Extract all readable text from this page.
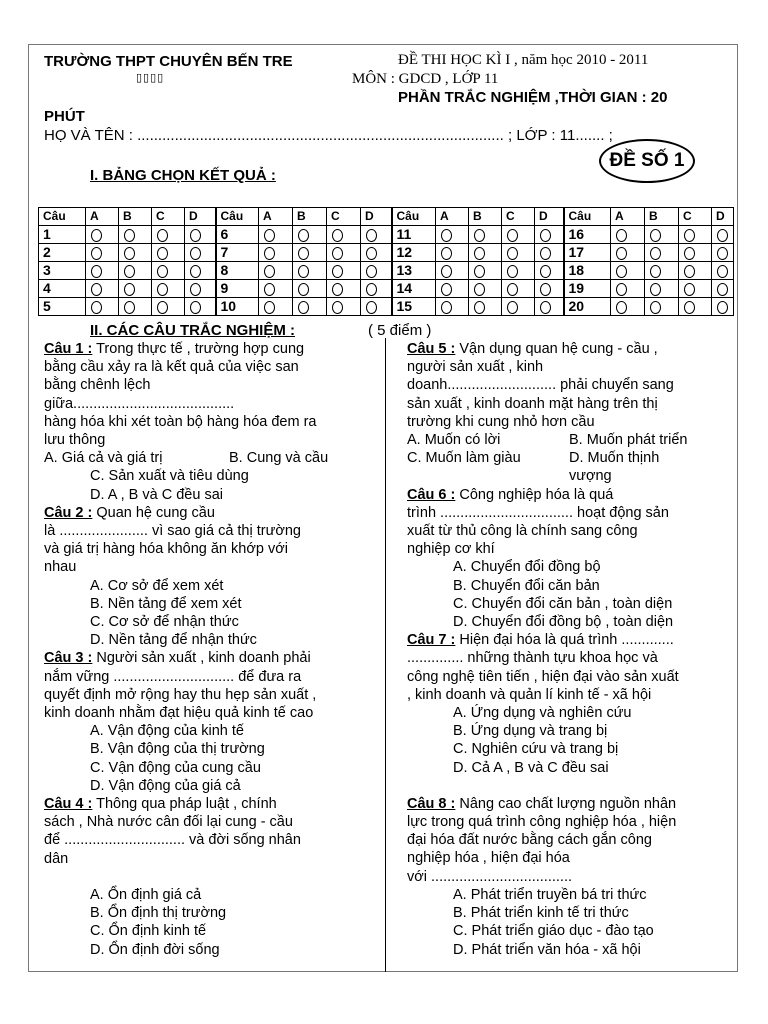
TRƯỜNG THPT CHUYÊN BẾN TRE
▯▯▯▯
ĐỀ THI HỌC KÌ I , năm học 2010 - 2011
MÔN : GDCD , LỚP 11
PHẦN TRẮC NGHIỆM ,THỜI GIAN : 20
PHÚT
HỌ VÀ TÊN : ........................................................................................ ; LỚP : 11....... ;
ĐỀ SỐ 1
I. BẢNG CHỌN KẾT QUẢ :
Câu	A	B	C	D	Câu	A	B	C	D	Câu	A	B	C	D	Câu	A	B	C	D
1					6					11					16				
2					7					12					17				
3					8					13					18				
4					9					14					19				
5					10					15					20				
II. CÁC CÂU TRẮC NGHIỆM :	( 5 điểm )

Câu 1 : Trong thực tế , trường hợp cung

bằng cầu xảy ra là kết quả của việc san

bằng chênh lệch

giữa........................................

hàng hóa khi xét toàn bộ hàng hóa đem ra

lưu thông

A. Giá cả và giá trị	B. Cung và cầu

C. Sản xuất và tiêu dùng

D. A , B và C đều sai

Câu 2 : Quan hệ cung cầu

là ...................... vì sao giá cả thị trường

và giá trị hàng hóa không ăn khớp với

nhau

A. Cơ sở để xem xét

B. Nền tảng để xem xét

C. Cơ sở để nhận thức

D. Nền tảng để nhận thức

Câu 3 : Người sản xuất , kinh doanh phải

nắm vững .............................. để đưa ra

quyết định mở rộng hay thu hẹp sản xuất ,

kinh doanh nhằm đạt hiệu quả kinh tế cao

A. Vận động của kinh tế

B. Vận động của thị trường

C. Vận động của cung cầu

D. Vận động của giá cả

Câu 4 : Thông qua pháp luật , chính

sách , Nhà nước cân đối lại cung - cầu

để .............................. và đời sống nhân

dân

A. Ổn định giá cả

B. Ổn định thị trường

C. Ổn định kinh tế

D. Ổn định đời sống

Câu 5 : Vận dụng quan hệ cung - cầu ,

người sản xuất , kinh

doanh........................... phải chuyển sang

sản xuất , kinh doanh mặt hàng trên thị

trường khi cung nhỏ hơn cầu

A. Muốn có lời	B. Muốn phát triển

C. Muốn làm giàu	D. Muốn thịnh

vượng

Câu 6 : Công nghiệp hóa là quá

trình ................................. hoạt động sản

xuất từ thủ công là chính sang công

nghiệp cơ khí

A. Chuyển đổi đồng bộ

B. Chuyển đổi căn bản

C. Chuyển đổi căn bản , toàn diện

D. Chuyển đổi đồng bộ , toàn diện

Câu 7 : Hiện đại hóa là quá trình .............

.............. những thành tựu khoa học và

công nghệ tiên tiến , hiện đại vào sản xuất

, kinh doanh và quản lí kinh tế - xã hội

A. Ứng dụng và nghiên cứu

B. Ứng dụng và trang bị

C. Nghiên cứu và trang bị

D. Cả A , B và C đều sai

Câu 8 : Nâng cao chất lượng nguồn nhân

lực trong quá trình công nghiệp hóa , hiện

đại hóa đất nước bằng cách gắn công

nghiệp hóa , hiện đại hóa

với ...................................

A. Phát triển truyền bá tri thức

B. Phát triển kinh tế tri thức

C. Phát triển giáo dục - đào tạo

D. Phát triển văn hóa - xã hội
